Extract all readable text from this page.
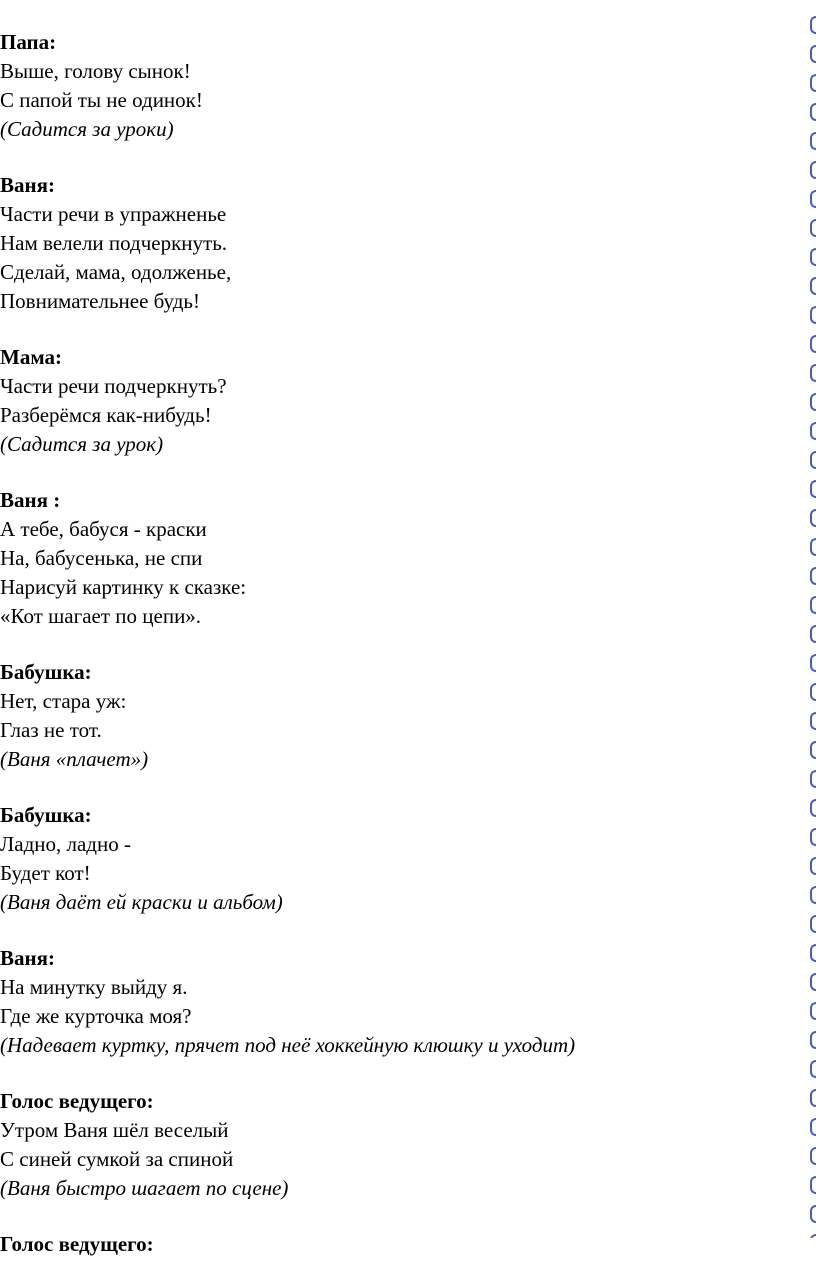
Папа:
Выше, голову сынок!
С папой ты не одинок!
(Садится за уроки)
Ваня:
Части речи в упражненье
Нам велели подчеркнуть.
Сделай, мама, одолженье,
Повнимательнее будь!
Мама:
Части речи подчеркнуть?
Разберёмся как-нибудь!
(Садится за урок)
Ваня :
А тебе, бабуся - краски
На, бабусенька, не спи
Нарисуй картинку к сказке:
«Кот шагает по цепи».
Бабушка:
Нет, стара уж:
Глаз не тот.
(Ваня «плачет»)
Бабушка:
Ладно, ладно -
Будет кот!
(Ваня даёт ей краски и альбом)
Ваня:
На минутку выйду я.
Где же курточка моя?
(Надевает куртку, прячет под неё хоккейную клюшку и уходит)
Голос ведущего:
Утром Ваня шёл веселый
С синей сумкой за спиной
(Ваня быстро шагает по сцене)
Голос ведущего:
